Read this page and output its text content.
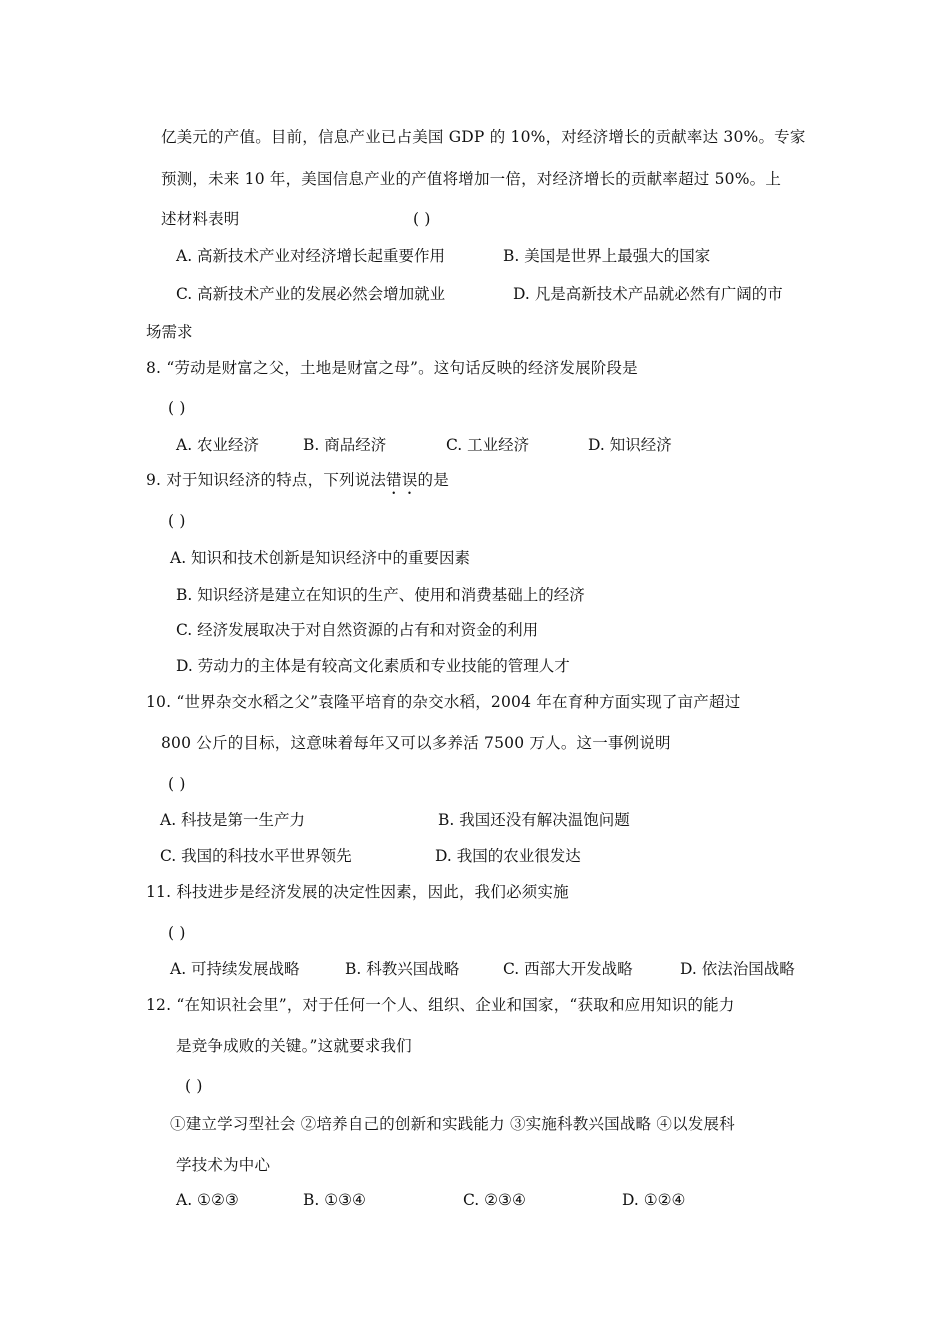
亿美元的产值。目前，信息产业已占美国 GDP 的 10%，对经济增长的贡献率达 30%。专家
预测，未来 10 年，美国信息产业的产值将增加一倍，对经济增长的贡献率超过 50%。上
述材料表明	( )
A. 高新技术产业对经济增长起重要作用	B. 美国是世界上最强大的国家
C. 高新技术产业的发展必然会增加就业	D. 凡是高新技术产品就必然有广阔的市
场需求
8. “劳动是财富之父，土地是财富之母”。这句话反映的经济发展阶段是
( )
A. 农业经济	B. 商品经济	C. 工业经济	D. 知识经济
9. 对于知识经济的特点，下列说法错误的是
( )
A. 知识和技术创新是知识经济中的重要因素
B. 知识经济是建立在知识的生产、使用和消费基础上的经济
C. 经济发展取决于对自然资源的占有和对资金的利用
D. 劳动力的主体是有较高文化素质和专业技能的管理人才
10. “世界杂交水稻之父”袁隆平培育的杂交水稻，2004 年在育种方面实现了亩产超过
800 公斤的目标，这意味着每年又可以多养活 7500 万人。这一事例说明
( )
A. 科技是第一生产力	B. 我国还没有解决温饱问题
C. 我国的科技水平世界领先	D. 我国的农业很发达
11. 科技进步是经济发展的决定性因素，因此，我们必须实施
( )
A. 可持续发展战略	B. 科教兴国战略	C. 西部大开发战略	D. 依法治国战略
12. “在知识社会里”，对于任何一个人、组织、企业和国家，“获取和应用知识的能力
是竞争成败的关键。”这就要求我们
( )
①建立学习型社会 ②培养自己的创新和实践能力 ③实施科教兴国战略 ④以发展科
学技术为中心
A. ①②③	B. ①③④	C. ②③④	D. ①②④
